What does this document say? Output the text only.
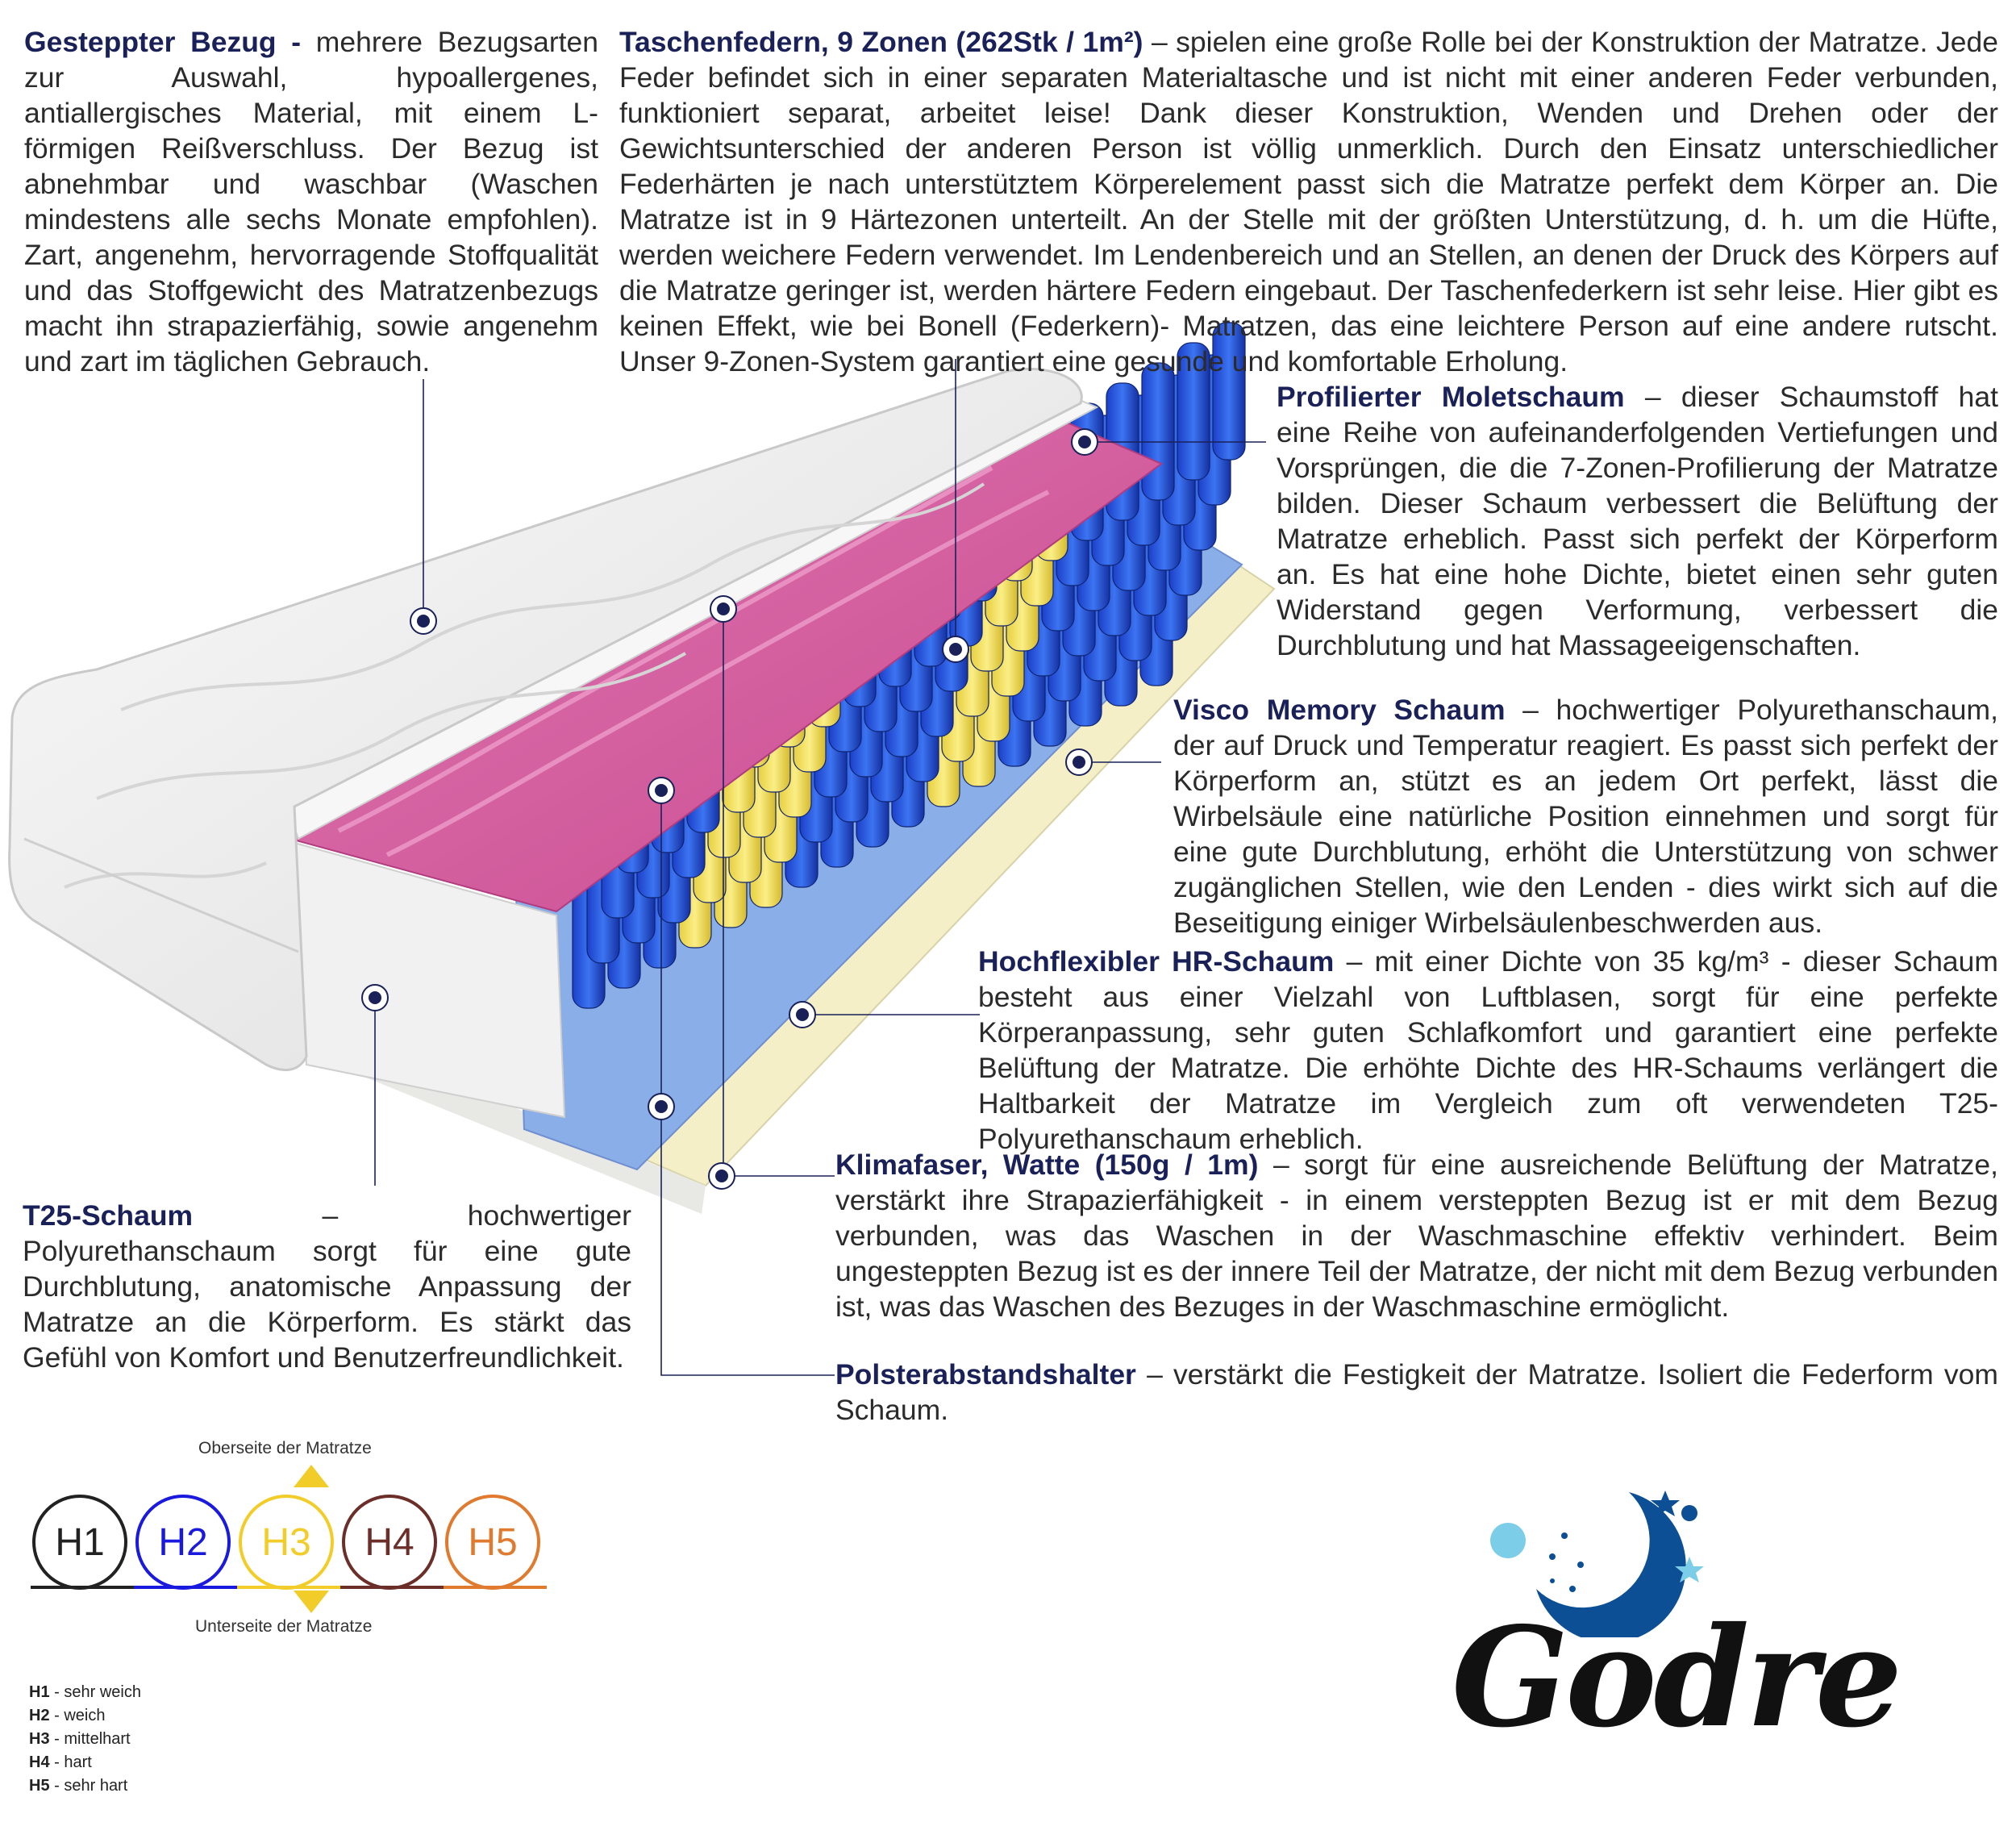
Gesteppter Bezug - mehrere Bezugsarten zur Auswahl, hypoallergenes, antiallergisches Material, mit einem L-förmigen Reißverschluss. Der Bezug ist abnehmbar und waschbar (Waschen mindestens alle sechs Monate empfohlen). Zart, angenehm, hervorragende Stoffqualität und das Stoffgewicht des Matratzenbezugs macht ihn strapazierfähig, sowie angenehm und zart im täglichen Gebrauch.
Taschenfedern, 9 Zonen (262Stk / 1m²) – spielen eine große Rolle bei der Konstruktion der Matratze. Jede Feder befindet sich in einer separaten Materialtasche und ist nicht mit einer anderen Feder verbunden, funktioniert separat, arbeitet leise! Dank dieser Konstruktion, Wenden und Drehen oder der Gewichtsunterschied der anderen Person ist völlig unmerklich. Durch den Einsatz unterschiedlicher Federhärten je nach unterstütztem Körperelement passt sich die Matratze perfekt dem Körper an. Die Matratze ist in 9 Härtezonen unterteilt. An der Stelle mit der größten Unterstützung, d. h. um die Hüfte, werden weichere Federn verwendet. Im Lendenbereich und an Stellen, an denen der Druck des Körpers auf die Matratze geringer ist, werden härtere Federn eingebaut. Der Taschenfederkern ist sehr leise. Hier gibt es keinen Effekt, wie bei Bonell (Federkern)- Matratzen, das eine leichtere Person auf eine andere rutscht. Unser 9-Zonen-System garantiert eine gesunde und komfortable Erholung.
Profilierter Moletschaum – dieser Schaumstoff hat eine Reihe von aufeinanderfolgenden Vertiefungen und Vorsprüngen, die die 7-Zonen-Profilierung der Matratze bilden. Dieser Schaum verbessert die Belüftung der Matratze erheblich. Passt sich perfekt der Körperform an. Es hat eine hohe Dichte, bietet einen sehr guten Widerstand gegen Verformung, verbessert die Durchblutung und hat Massageeigenschaften.
Visco Memory Schaum – hochwertiger Polyurethanschaum, der auf Druck und Temperatur reagiert. Es passt sich perfekt der Körperform an, stützt es an jedem Ort perfekt, lässt die Wirbelsäule eine natürliche Position einnehmen und sorgt für eine gute Durchblutung, erhöht die Unterstützung von schwer zugänglichen Stellen, wie den Lenden - dies wirkt sich auf die Beseitigung einiger Wirbelsäulenbeschwerden aus.
Hochflexibler HR-Schaum – mit einer Dichte von 35 kg/m³ - dieser Schaum besteht aus einer Vielzahl von Luftblasen, sorgt für eine perfekte Körperanpassung, sehr guten Schlafkomfort und garantiert eine perfekte Belüftung der Matratze. Die erhöhte Dichte des HR-Schaums verlängert die Haltbarkeit der Matratze im Vergleich zum oft verwendeten T25-Polyurethanschaum erheblich.
Klimafaser, Watte (150g / 1m) – sorgt für eine ausreichende Belüftung der Matratze, verstärkt ihre Strapazierfähigkeit - in einem versteppten Bezug ist er mit dem Bezug verbunden, was das Waschen in der Waschmaschine effektiv verhindert. Beim ungesteppten Bezug ist es der innere Teil der Matratze, der nicht mit dem Bezug verbunden ist, was das Waschen des Bezuges in der Waschmaschine ermöglicht.
T25-Schaum – hochwertiger Polyurethanschaum sorgt für eine gute Durchblutung, anatomische Anpassung der Matratze an die Körperform. Es stärkt das Gefühl von Komfort und Benutzerfreundlichkeit.
Polsterabstandshalter – verstärkt die Festigkeit der Matratze. Isoliert die Federform vom Schaum.
Oberseite der Matratze
H1	H2	H3	H4	H5
Unterseite der Matratze
H1 - sehr weich
H2 - weich
H3 - mittelhart
H4 - hart
H5 - sehr hart
Godre
